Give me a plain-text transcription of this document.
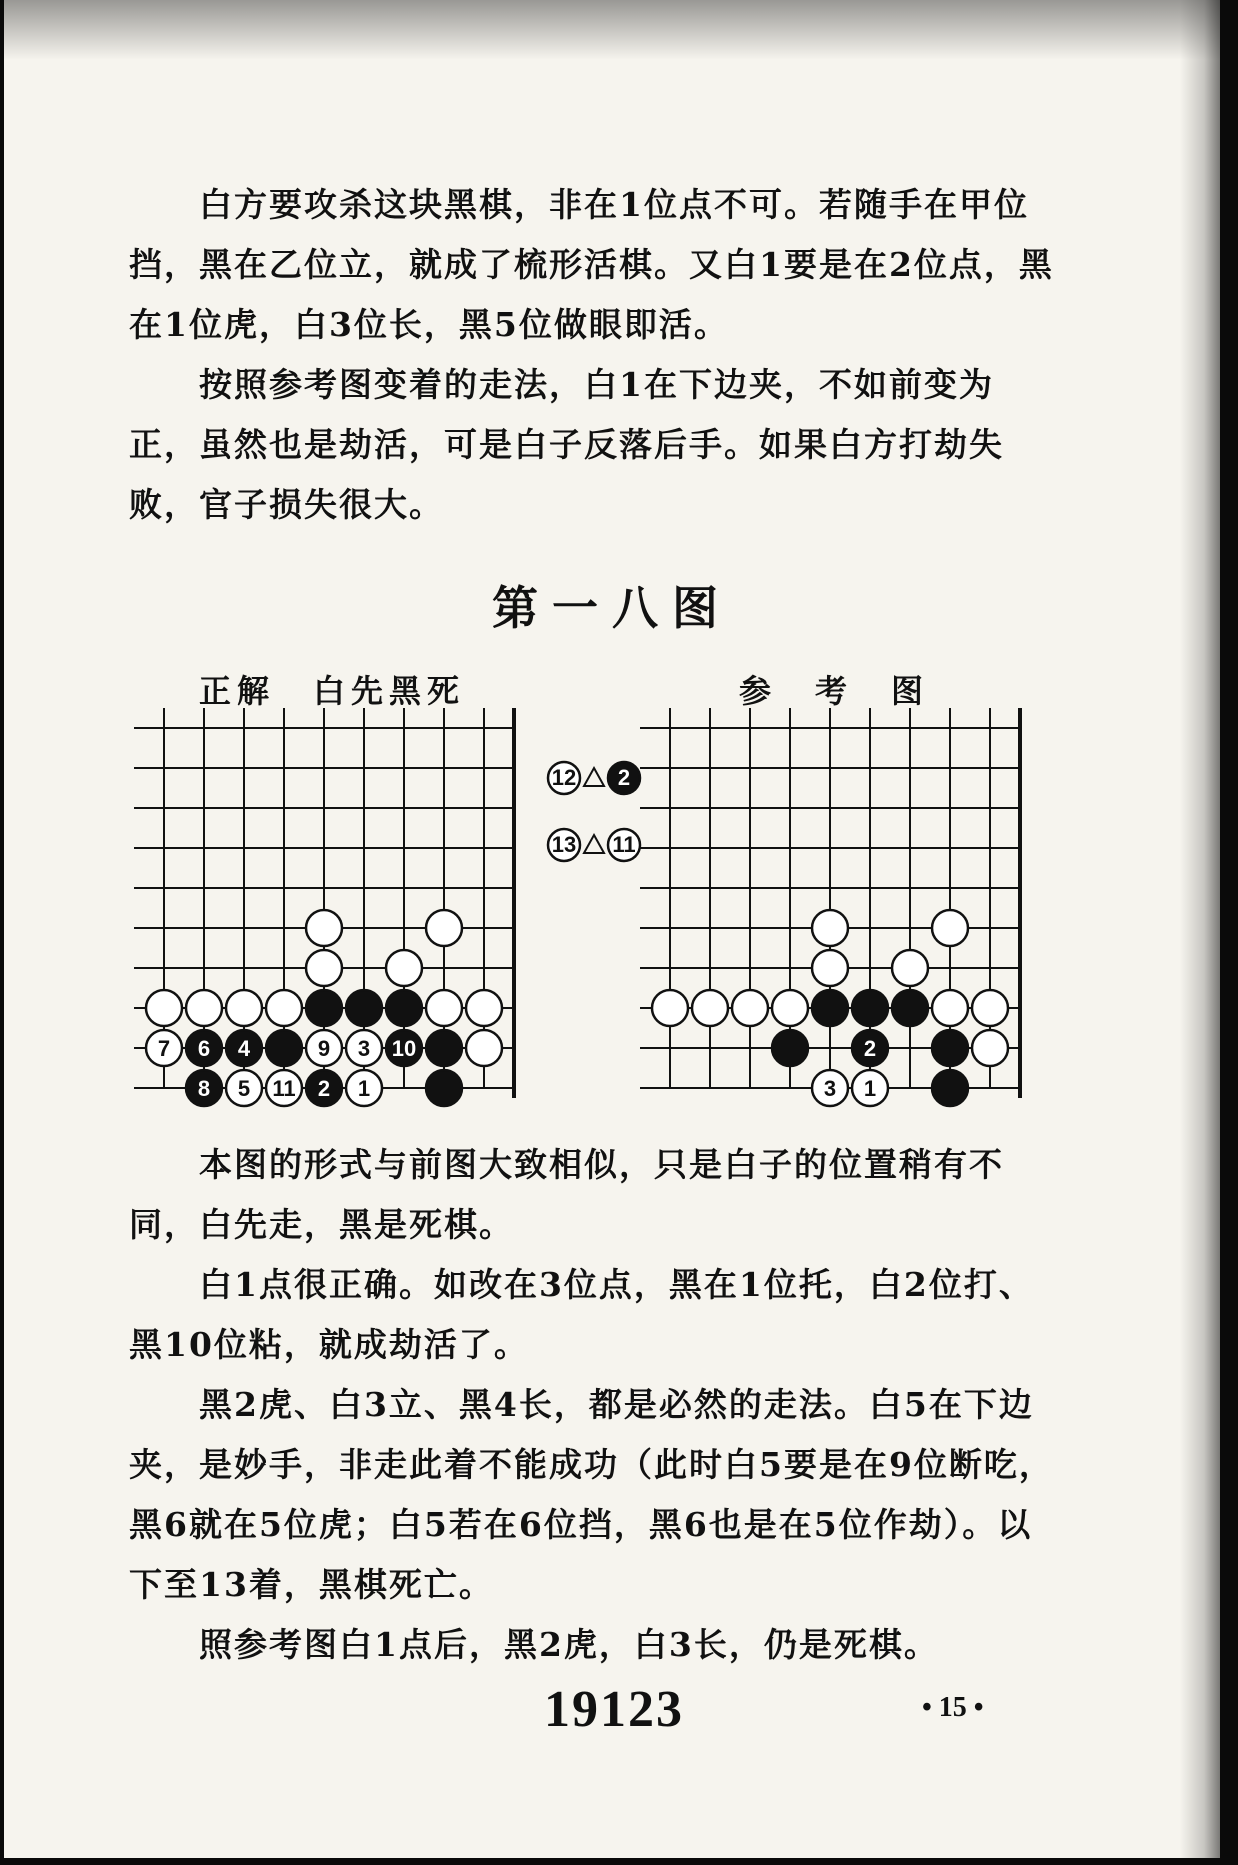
白方要攻杀这块黑棋，非在1位点不可。若随手在甲位挡，黑在乙位立，就成了梳形活棋。又白1要是在2位点，黑在1位虎，白3位长，黑5位做眼即活。

按照参考图变着的走法，白1在下边夹，不如前变为正，虽然也是劫活，可是白子反落后手。如果白方打劫失败，官子损失很大。

第一八图
正解　白先黑死	参　考　图
7 6 4	9 3 10
8 5 11 2 1
2
3 1
12 2
13 11

本图的形式与前图大致相似，只是白子的位置稍有不同，白先走，黑是死棋。

白1点很正确。如改在3位点，黑在1位托，白2位打、黑10位粘，就成劫活了。

黑2虎、白3立、黑4长，都是必然的走法。白5在下边夹，是妙手，非走此着不能成功（此时白5要是在9位断吃，黑6就在5位虎；白5若在6位挡，黑6也是在5位作劫）。以下至13着，黑棋死亡。

照参考图白1点后，黑2虎，白3长，仍是死棋。

19123	• 15 •
